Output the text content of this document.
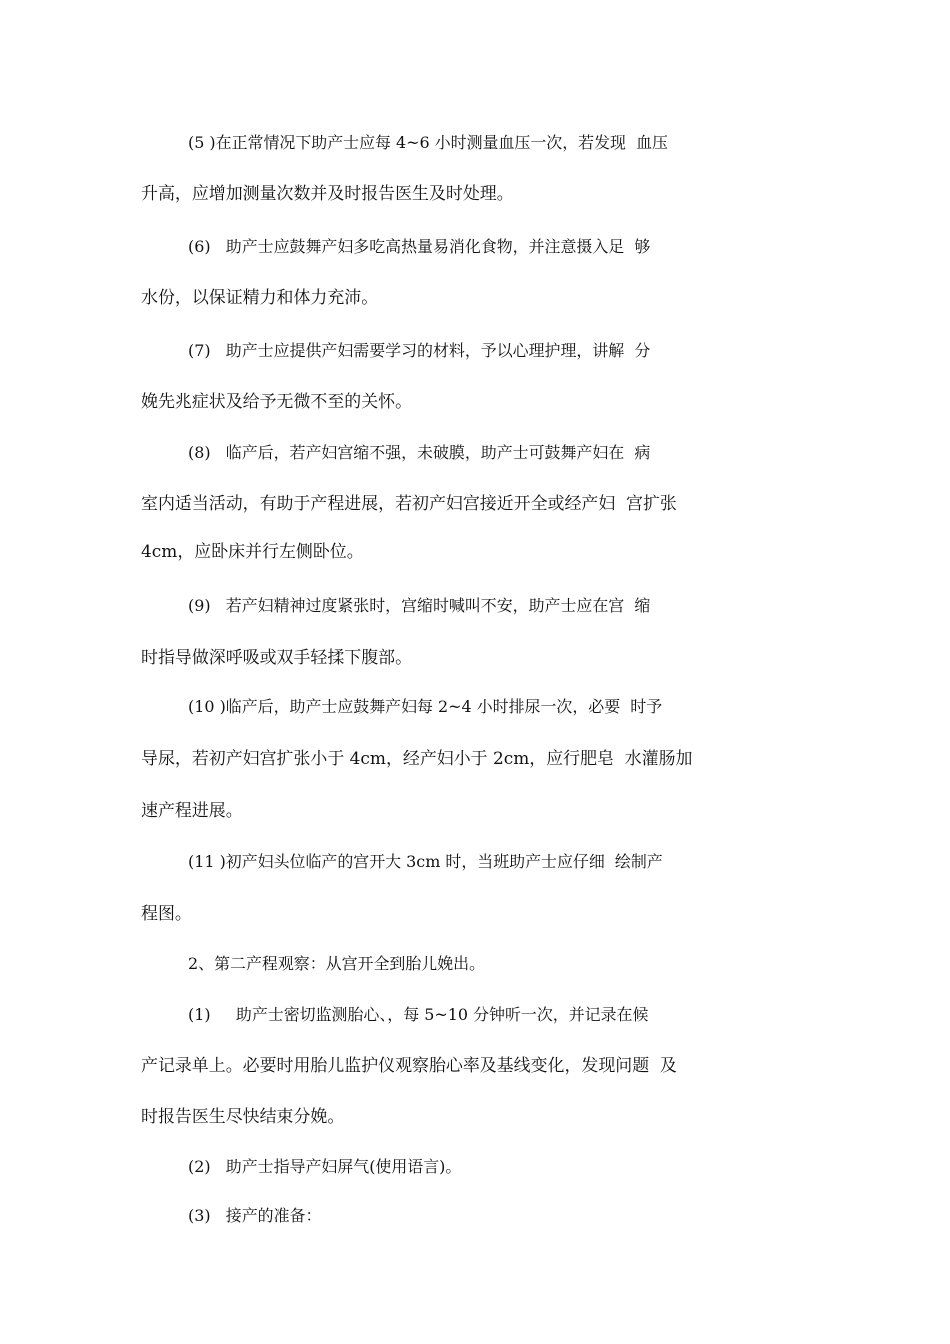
(5 )在正常情况下助产士应每 4~6 小时测量血压一次，若发现  血压
升高，应增加测量次数并及时报告医生及时处理。
(6)   助产士应鼓舞产妇多吃高热量易消化食物，并注意摄入足  够
水份，以保证精力和体力充沛。
(7)   助产士应提供产妇需要学习的材料，予以心理护理，讲解  分
娩先兆症状及给予无微不至的关怀。
(8)   临产后，若产妇宫缩不强，未破膜，助产士可鼓舞产妇在  病
室内适当活动，有助于产程进展，若初产妇宫接近开全或经产妇  宫扩张
4cm，应卧床并行左侧卧位。
(9)   若产妇精神过度紧张时，宫缩时喊叫不安，助产士应在宫  缩
时指导做深呼吸或双手轻揉下腹部。
(10 )临产后，助产士应鼓舞产妇每 2~4 小时排尿一次，必要  时予
导尿，若初产妇宫扩张小于 4cm，经产妇小于 2cm，应行肥皂  水灌肠加
速产程进展。
(11 )初产妇头位临产的宫开大 3cm 时，当班助产士应仔细  绘制产
程图。
2、第二产程观察：从宫开全到胎儿娩出。
(1)     助产士密切监测胎心、，每 5~10 分钟听一次，并记录在候
产记录单上。必要时用胎儿监护仪观察胎心率及基线变化，发现问题  及
时报告医生尽快结束分娩。
(2)   助产士指导产妇屏气(使用语言)。
(3)   接产的准备：
